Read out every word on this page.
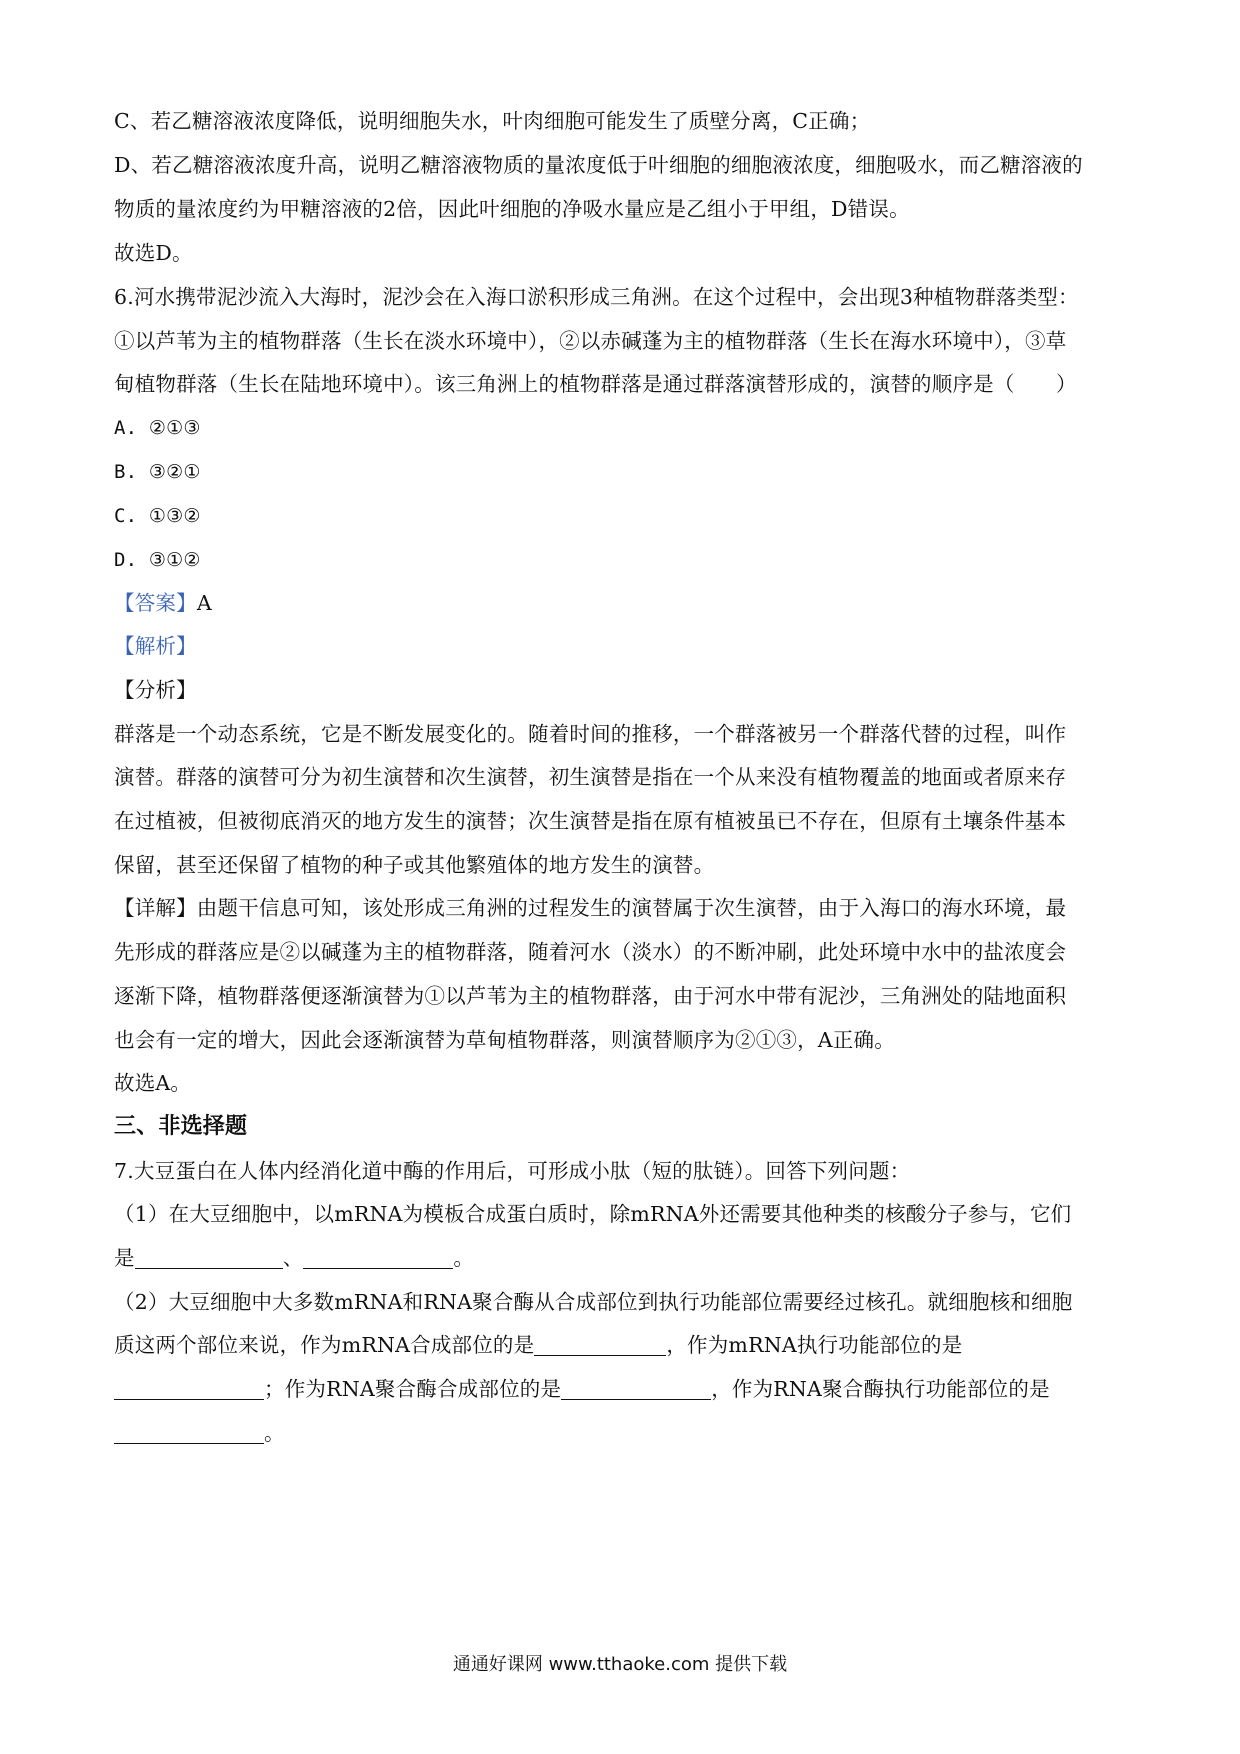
C、若乙糖溶液浓度降低，说明细胞失水，叶肉细胞可能发生了质壁分离，C正确；
D、若乙糖溶液浓度升高，说明乙糖溶液物质的量浓度低于叶细胞的细胞液浓度，细胞吸水，而乙糖溶液的
物质的量浓度约为甲糖溶液的2倍，因此叶细胞的净吸水量应是乙组小于甲组，D错误。
故选D。
6.河水携带泥沙流入大海时，泥沙会在入海口淤积形成三角洲。在这个过程中，会出现3种植物群落类型：
①以芦苇为主的植物群落（生长在淡水环境中），②以赤碱蓬为主的植物群落（生长在海水环境中），③草
甸植物群落（生长在陆地环境中）。该三角洲上的植物群落是通过群落演替形成的，演替的顺序是（　　）
A. ②①③
B. ③②①
C. ①③②
D. ③①②
【答案】A
【解析】
【分析】
群落是一个动态系统，它是不断发展变化的。随着时间的推移，一个群落被另一个群落代替的过程，叫作
演替。群落的演替可分为初生演替和次生演替，初生演替是指在一个从来没有植物覆盖的地面或者原来存
在过植被，但被彻底消灭的地方发生的演替；次生演替是指在原有植被虽已不存在，但原有土壤条件基本
保留，甚至还保留了植物的种子或其他繁殖体的地方发生的演替。
【详解】由题干信息可知，该处形成三角洲的过程发生的演替属于次生演替，由于入海口的海水环境，最
先形成的群落应是②以碱蓬为主的植物群落，随着河水（淡水）的不断冲刷，此处环境中水中的盐浓度会
逐渐下降，植物群落便逐渐演替为①以芦苇为主的植物群落，由于河水中带有泥沙，三角洲处的陆地面积
也会有一定的增大，因此会逐渐演替为草甸植物群落，则演替顺序为②①③，A正确。
故选A。
三、非选择题
7.大豆蛋白在人体内经消化道中酶的作用后，可形成小肽（短的肽链）。回答下列问题：
（1）在大豆细胞中，以mRNA为模板合成蛋白质时，除mRNA外还需要其他种类的核酸分子参与，它们
是	、	。
（2）大豆细胞中大多数mRNA和RNA聚合酶从合成部位到执行功能部位需要经过核孔。就细胞核和细胞
质这两个部位来说，作为mRNA合成部位的是	，作为mRNA执行功能部位的是
；作为RNA聚合酶合成部位的是	，作为RNA聚合酶执行功能部位的是
。
通通好课网 www.tthaoke.com 提供下载
